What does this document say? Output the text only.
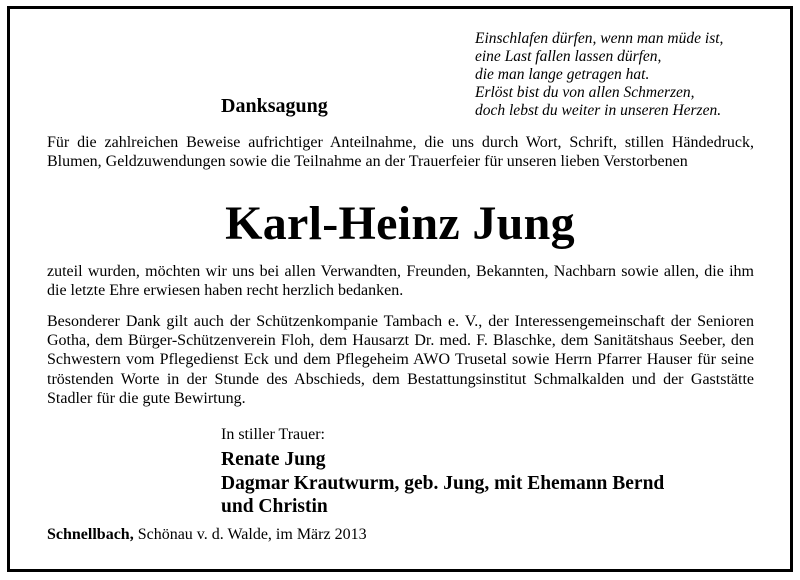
Einschlafen dürfen, wenn man müde ist,
eine Last fallen lassen dürfen,
die man lange getragen hat.
Erlöst bist du von allen Schmerzen,
doch lebst du weiter in unseren Herzen.
Danksagung
Für die zahlreichen Beweise aufrichtiger Anteilnahme, die uns durch Wort, Schrift, stillen Händedruck, Blumen, Geldzuwendungen sowie die Teilnahme an der Trauerfeier für unseren lieben Verstorbenen
Karl-Heinz Jung
zuteil wurden, möchten wir uns bei allen Verwandten, Freunden, Bekannten, Nachbarn sowie allen, die ihm die letzte Ehre erwiesen haben recht herzlich bedanken.
Besonderer Dank gilt auch der Schützenkompanie Tambach e. V., der Interessengemeinschaft der Senioren Gotha, dem Bürger-Schützenverein Floh, dem Hausarzt Dr. med. F. Blaschke, dem Sanitätshaus Seeber, den Schwestern vom Pflegedienst Eck und dem Pflegeheim AWO Trusetal sowie Herrn Pfarrer Hauser für seine tröstenden Worte in der Stunde des Abschieds, dem Bestattungsinstitut Schmalkalden und der Gaststätte Stadler für die gute Bewirtung.
In stiller Trauer:
Renate Jung
Dagmar Krautwurm, geb. Jung, mit Ehemann Bernd
und Christin
Schnellbach, Schönau v. d. Walde, im März 2013
